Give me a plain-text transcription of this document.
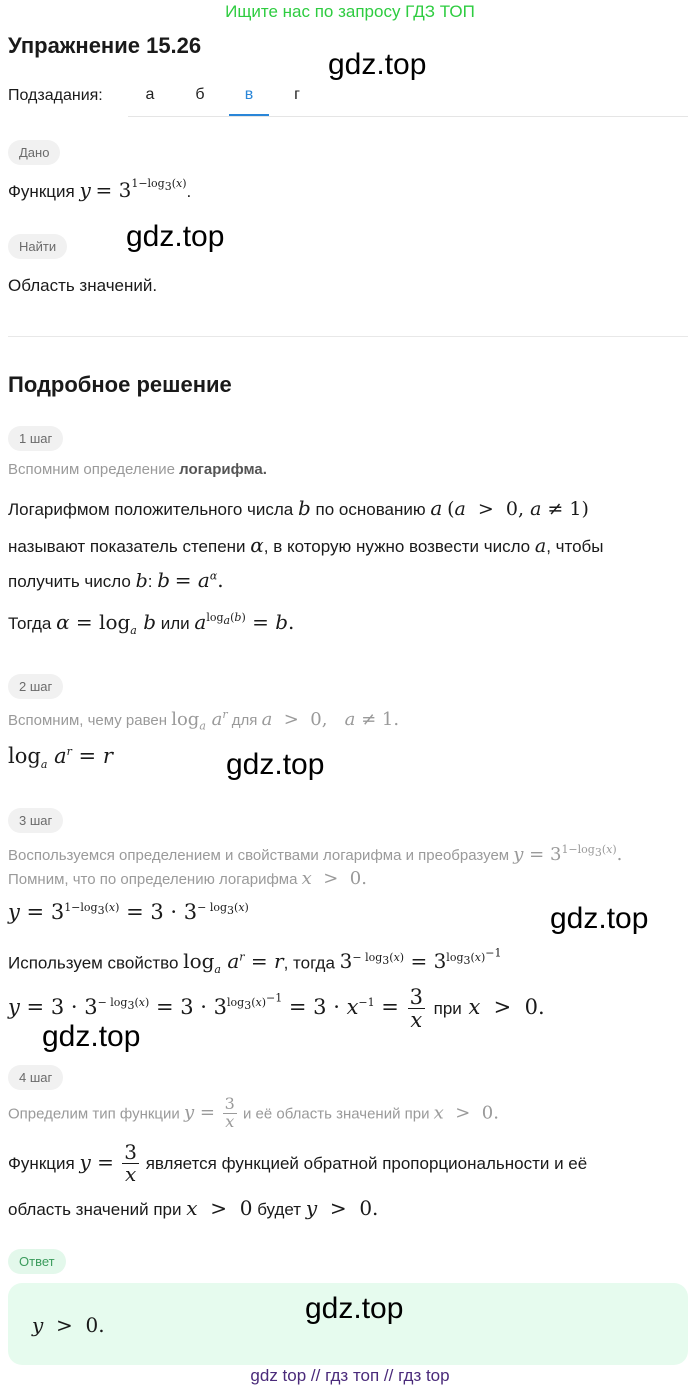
Ищите нас по запросу ГДЗ ТОП
Упражнение 15.26
gdz.top
Подзадания:	а	б	в	г
Дано
Функция $y = 3^{1-log_3(x)}$.
Найти	gdz.top
Область значений.
Подробное решение
1 шаг
Вспомним определение логарифма.
Логарифмом положительного числа b по основанию a (a  >  0, a ≠ 1)
называют показатель степени α, в которую нужно возвести число a, чтобы
получить число b: $b = a^\alpha$.
Тогда $\alpha = \log_a b$ или $a^{log_a(b)} = b$.
2 шаг
Вспомним, чему равен $\log_a a^r$ для a  >  0,   a ≠ 1.
$\log_a a^r = r$	gdz.top
3 шаг
Воспользуемся определением и свойствами логарифма и преобразуем $y = 3^{1-log_3(x)}$.
Помним, что по определению логарифма x  >  0.
$y = 3^{1-log_3(x)} = 3 \cdot 3^{- log_3(x)}$	gdz.top
Используем свойство $\log_a a^r = r$, тогда $3^{- log_3(x)} = 3^{log_3(x)^{-1}}$
$y = 3 \cdot 3^{- log_3(x)} = 3 \cdot 3^{log_3(x)^{-1}} = 3 \cdot x^{-1} = \frac{3}{x}$ при x  >  0.
gdz.top
4 шаг
Определим тип функции $y = \frac{3}{x}$ и её область значений при x  >  0.
Функция $y = \frac{3}{x}$ является функцией обратной пропорциональности и её
область значений при x  >  0 будет y  >  0.
Ответ
y  >  0.	gdz.top
gdz top // гдз топ // гдз top
